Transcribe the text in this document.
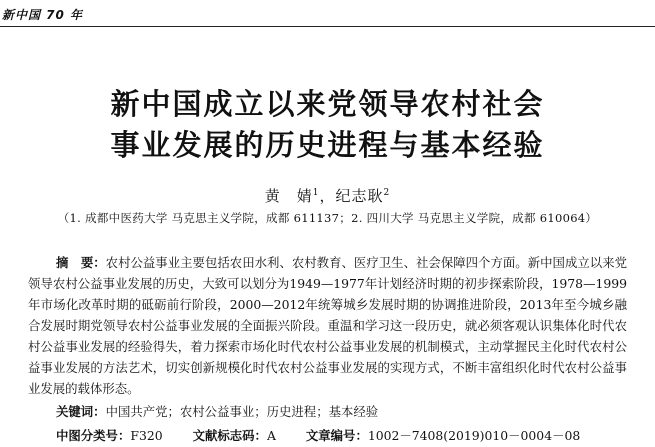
新中国 70 年
新中国成立以来党领导农村社会
事业发展的历史进程与基本经验
黄　婧$^1$，纪志耿$^2$
（1. 成都中医药大学 马克思主义学院，成都 611137；2. 四川大学 马克思主义学院，成都 610064）
摘　要：农村公益事业主要包括农田水利、农村教育、医疗卫生、社会保障四个方面。新中国成立以来党领导农村公益事业发展的历史，大致可以划分为1949—1977年计划经济时期的初步探索阶段，1978—1999年市场化改革时期的砥砺前行阶段，2000—2012年统筹城乡发展时期的协调推进阶段，2013年至今城乡融合发展时期党领导农村公益事业发展的全面振兴阶段。重温和学习这一段历史，就必须客观认识集体化时代农村公益事业发展的经验得失，着力探索市场化时代农村公益事业发展的机制模式，主动掌握民主化时代农村公益事业发展的方法艺术，切实创新规模化时代农村公益事业发展的实现方式，不断丰富组织化时代农村公益事业发展的载体形态。
关键词：中国共产党；农村公益事业；历史进程；基本经验
中图分类号：F320 文献标志码：A 文章编号：1002－7408(2019)010－0004－08
